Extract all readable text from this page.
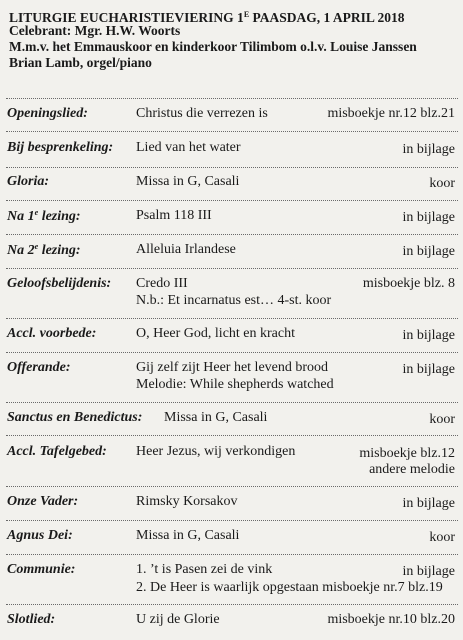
LITURGIE EUCHARISTIEVIERING $1^E$ PAASDAG, 1 APRIL 2018
Celebrant: Mgr. H.W. Woorts
M.m.v. het Emmauskoor en kinderkoor Tilimbom o.l.v. Louise Janssen
Brian Lamb, orgel/piano
Openingslied:	Christus die verrezen is	misboekje nr.12 blz.21
Bij besprenkeling: Lied van het water	in bijlage
Gloria:	Missa in G, Casali	koor
Na 1e lezing:	Psalm 118 III	in bijlage
Na 2e lezing:	Alleluia Irlandese	in bijlage
Geloofsbelijdenis: Credo III	misboekje blz. 8
N.b.: Et incarnatus est… 4-st. koor
Accl. voorbede:	O, Heer God, licht en kracht	in bijlage
Offerande:	Gij zelf zijt Heer het levend brood	in bijlage
Melodie: While shepherds watched
Sanctus en Benedictus: Missa in G, Casali	koor
Accl. Tafelgebed: Heer Jezus, wij verkondigen	misboekje blz.12
andere melodie
Onze Vader:	Rimsky Korsakov	in bijlage
Agnus Dei:	Missa in G, Casali	koor
Communie:	1. ’t is Pasen zei de vink	in bijlage
2. De Heer is waarlijk opgestaan misboekje nr.7 blz.19
Slotlied:	U zij de Glorie	misboekje nr.10 blz.20
